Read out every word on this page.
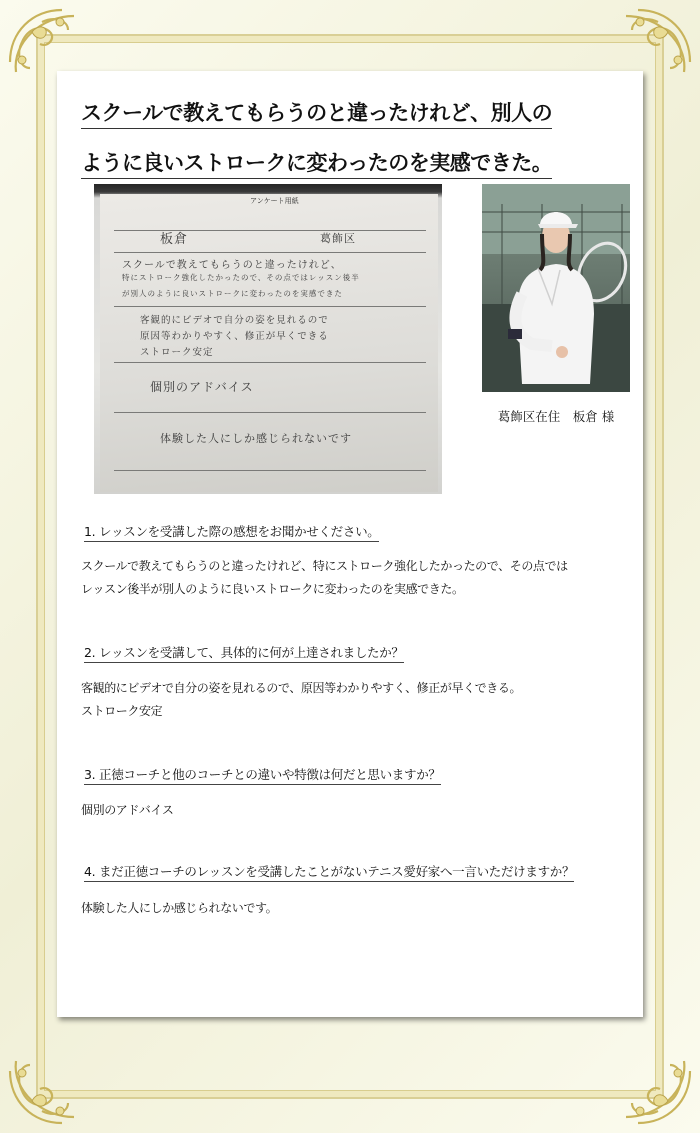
スクールで教えてもらうのと違ったけれど、別人の
ように良いストロークに変わったのを実感できた。
アンケート用紙
板倉	葛飾区
スクールで教えてもらうのと違ったけれど、
特にストローク強化したかったので、その点ではレッスン後半
が別人のように良いストロークに変わったのを実感できた
客観的にビデオで自分の姿を見れるので
原因等わかりやすく、修正が早くできる
ストローク安定
個別のアドバイス
体験した人にしか感じられないです
葛飾区在住　板倉 様
1. レッスンを受講した際の感想をお聞かせください。
スクールで教えてもらうのと違ったけれど、特にストローク強化したかったので、その点では
レッスン後半が別人のように良いストロークに変わったのを実感できた。
2. レッスンを受講して、具体的に何が上達されましたか？
客観的にビデオで自分の姿を見れるので、原因等わかりやすく、修正が早くできる。
ストローク安定
3. 正徳コーチと他のコーチとの違いや特徴は何だと思いますか？
個別のアドバイス
4. まだ正徳コーチのレッスンを受講したことがないテニス愛好家へ一言いただけますか？
体験した人にしか感じられないです。
